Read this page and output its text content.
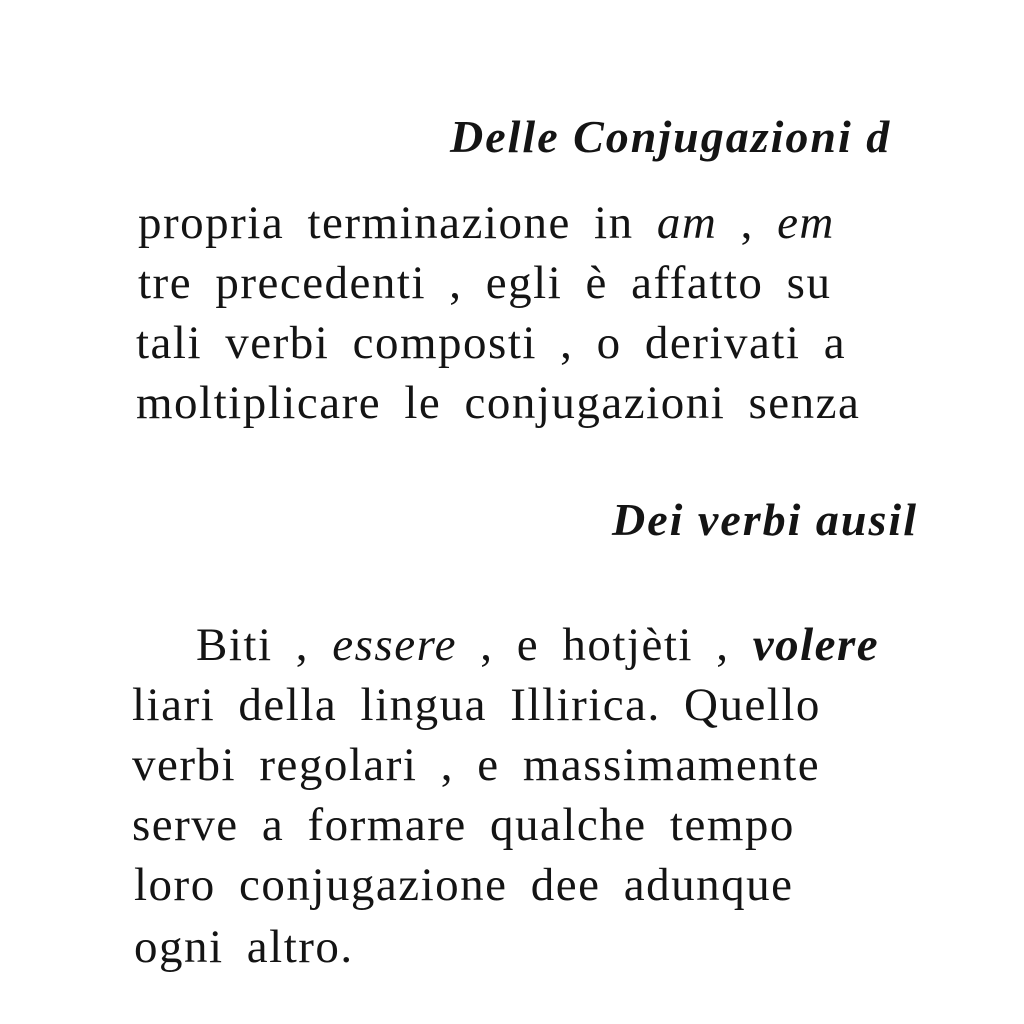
Delle Conjugazioni d
propria terminazione in am , em
tre precedenti , egli è affatto su
tali verbi composti , o derivati a
moltiplicare le conjugazioni senza
Dei verbi ausil
Biti , essere , e hotjèti , volere
liari della lingua Illirica. Quello
verbi regolari , e massimamente
serve a formare qualche tempo
loro conjugazione dee adunque
ogni altro.
